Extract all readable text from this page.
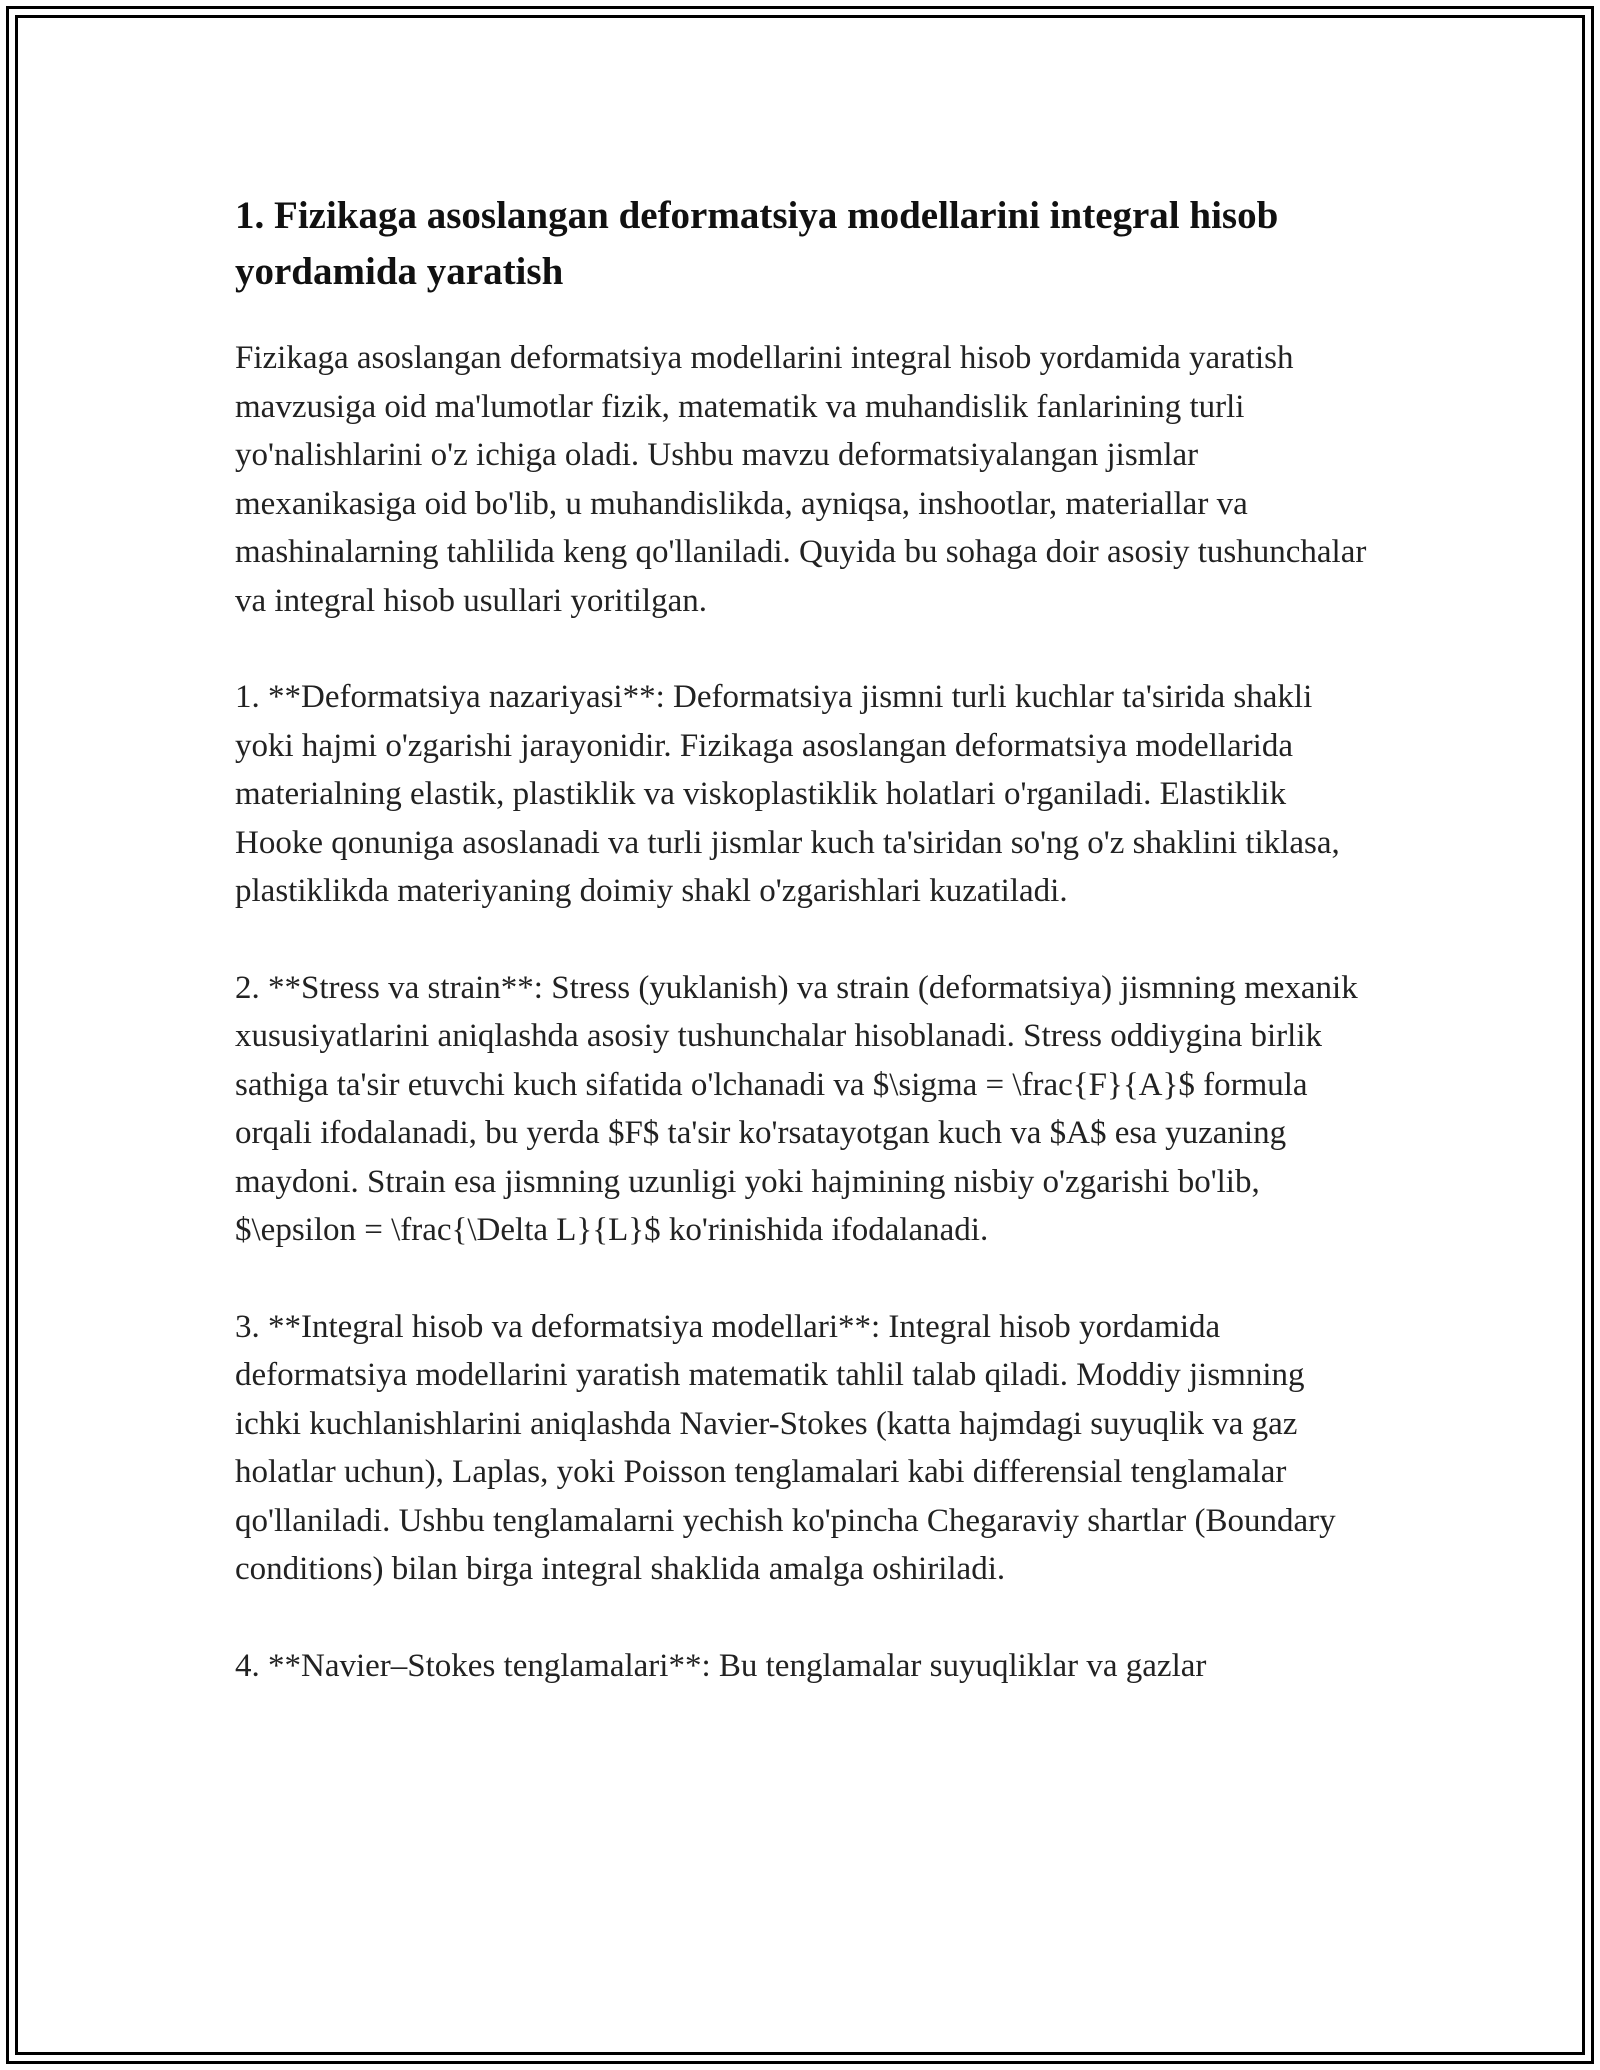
1. Fizikaga asoslangan deformatsiya modellarini integral hisob yordamida yaratish

Fizikaga asoslangan deformatsiya modellarini integral hisob yordamida yaratish mavzusiga oid ma'lumotlar fizik, matematik va muhandislik fanlarining turli yo'nalishlarini o'z ichiga oladi. Ushbu mavzu deformatsiyalangan jismlar mexanikasiga oid bo'lib, u muhandislikda, ayniqsa, inshootlar, materiallar va mashinalarning tahlilida keng qo'llaniladi. Quyida bu sohaga doir asosiy tushunchalar va integral hisob usullari yoritilgan.

1. **Deformatsiya nazariyasi**: Deformatsiya jismni turli kuchlar ta'sirida shakli yoki hajmi o'zgarishi jarayonidir. Fizikaga asoslangan deformatsiya modellarida materialning elastik, plastiklik va viskoplastiklik holatlari o'rganiladi. Elastiklik Hooke qonuniga asoslanadi va turli jismlar kuch ta'siridan so'ng o'z shaklini tiklasa, plastiklikda materiyaning doimiy shakl o'zgarishlari kuzatiladi.

2. **Stress va strain**: Stress (yuklanish) va strain (deformatsiya) jismning mexanik xususiyatlarini aniqlashda asosiy tushunchalar hisoblanadi. Stress oddiygina birlik sathiga ta'sir etuvchi kuch sifatida o'lchanadi va $\sigma = \frac{F}{A}$ formula orqali ifodalanadi, bu yerda $F$ ta'sir ko'rsatayotgan kuch va $A$ esa yuzaning maydoni. Strain esa jismning uzunligi yoki hajmining nisbiy o'zgarishi bo'lib, $\epsilon = \frac{\Delta L}{L}$ ko'rinishida ifodalanadi.

3. **Integral hisob va deformatsiya modellari**: Integral hisob yordamida deformatsiya modellarini yaratish matematik tahlil talab qiladi. Moddiy jismning ichki kuchlanishlarini aniqlashda Navier-Stokes (katta hajmdagi suyuqlik va gaz holatlar uchun), Laplas, yoki Poisson tenglamalari kabi differensial tenglamalar qo'llaniladi. Ushbu tenglamalarni yechish ko'pincha Chegaraviy shartlar (Boundary conditions) bilan birga integral shaklida amalga oshiriladi.

4. **Navier–Stokes tenglamalari**: Bu tenglamalar suyuqliklar va gazlar
